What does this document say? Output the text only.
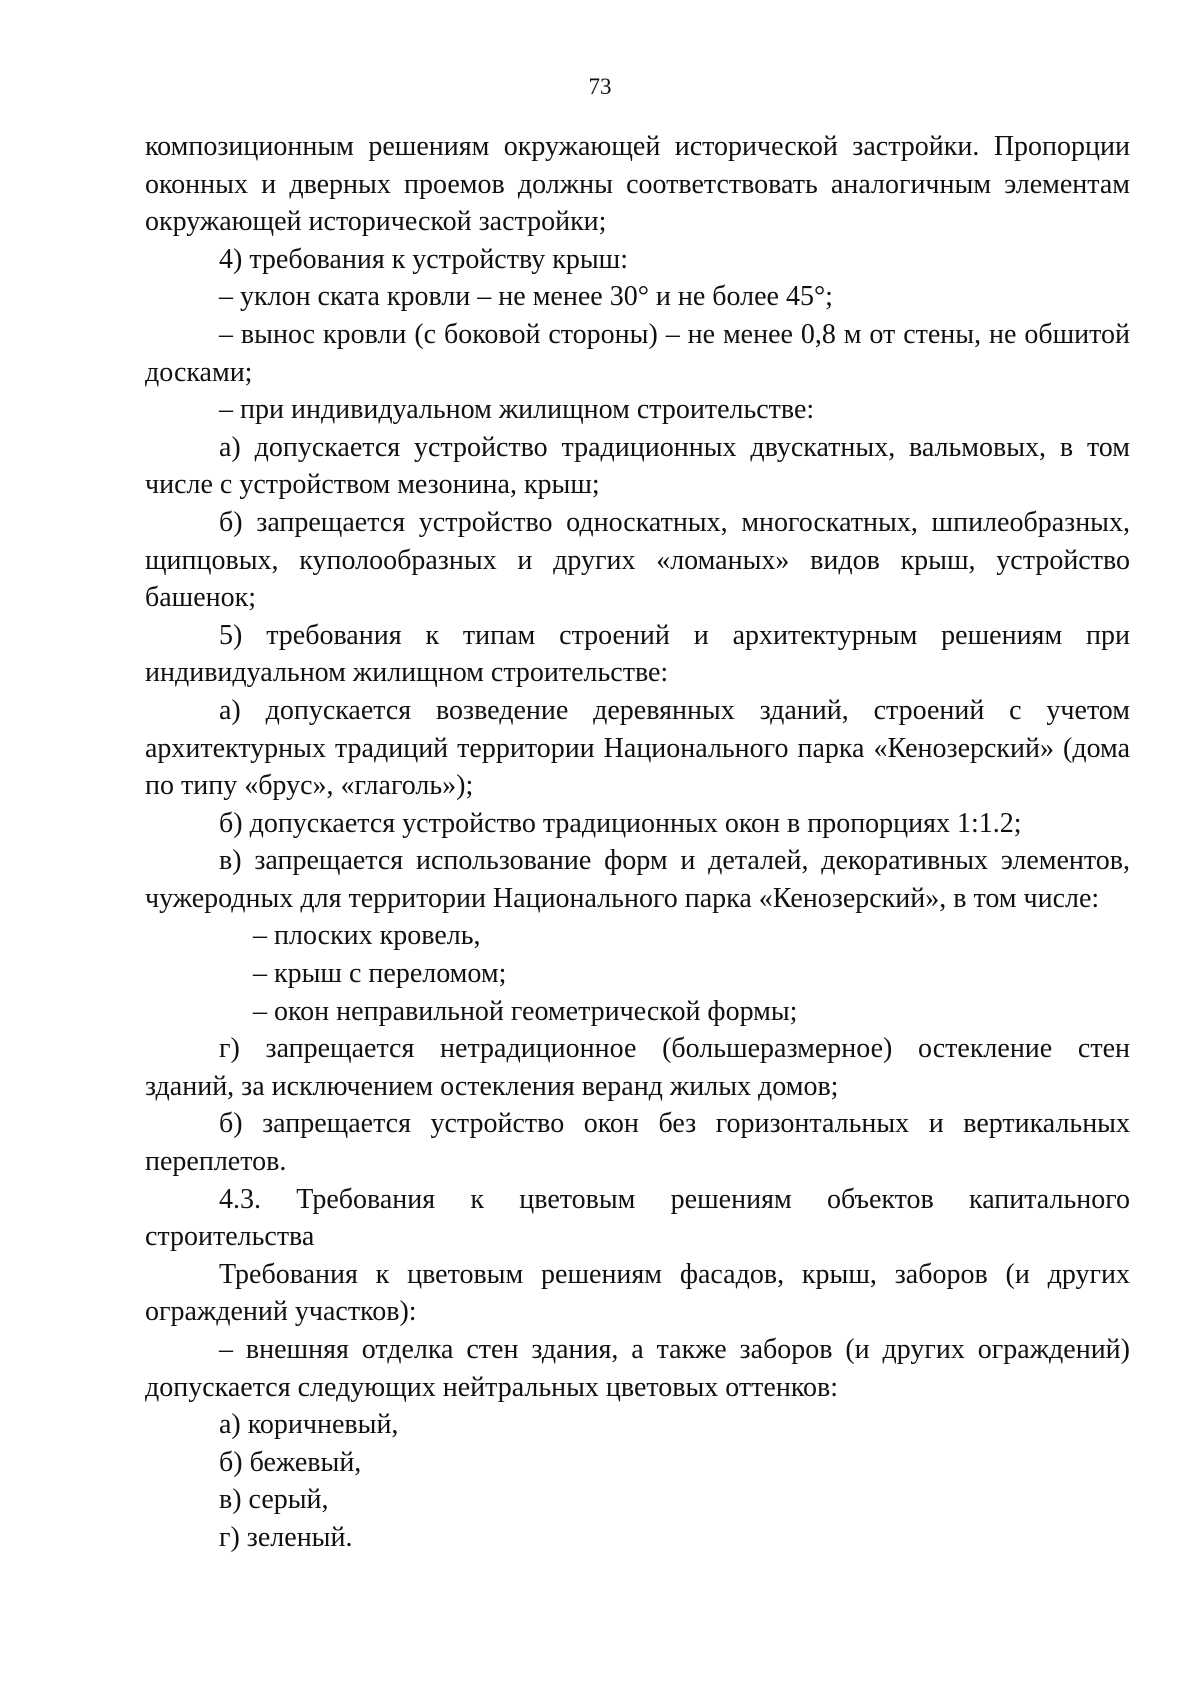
73

композиционным решениям окружающей исторической застройки. Пропорции оконных и дверных проемов должны соответствовать аналогичным элементам окружающей исторической застройки;

4) требования к устройству крыш:

– уклон ската кровли – не менее 30° и не более 45°;

– вынос кровли (с боковой стороны) – не менее 0,8 м от стены, не обшитой досками;

– при индивидуальном жилищном строительстве:

а) допускается устройство традиционных двускатных, вальмовых, в том числе с устройством мезонина, крыш;

б) запрещается устройство односкатных, многоскатных, шпилеобразных, щипцовых, куполообразных и других «ломаных» видов крыш, устройство башенок;

5) требования к типам строений и архитектурным решениям при индивидуальном жилищном строительстве:

а) допускается возведение деревянных зданий, строений с учетом архитектурных традиций территории Национального парка «Кенозерский» (дома по типу «брус», «глаголь»);

б) допускается устройство традиционных окон в пропорциях 1:1.2;

в) запрещается использование форм и деталей, декоративных элементов, чужеродных для территории Национального парка «Кенозерский», в том числе:

– плоских кровель,

– крыш с переломом;

– окон неправильной геометрической формы;

г) запрещается нетрадиционное (большеразмерное) остекление стен зданий, за исключением остекления веранд жилых домов;

б) запрещается устройство окон без горизонтальных и вертикальных переплетов.

4.3. Требования к цветовым решениям объектов капитального строительства

Требования к цветовым решениям фасадов, крыш, заборов (и других ограждений участков):

– внешняя отделка стен здания, а также заборов (и других ограждений) допускается следующих нейтральных цветовых оттенков:

а) коричневый,

б) бежевый,

в) серый,

г) зеленый.
